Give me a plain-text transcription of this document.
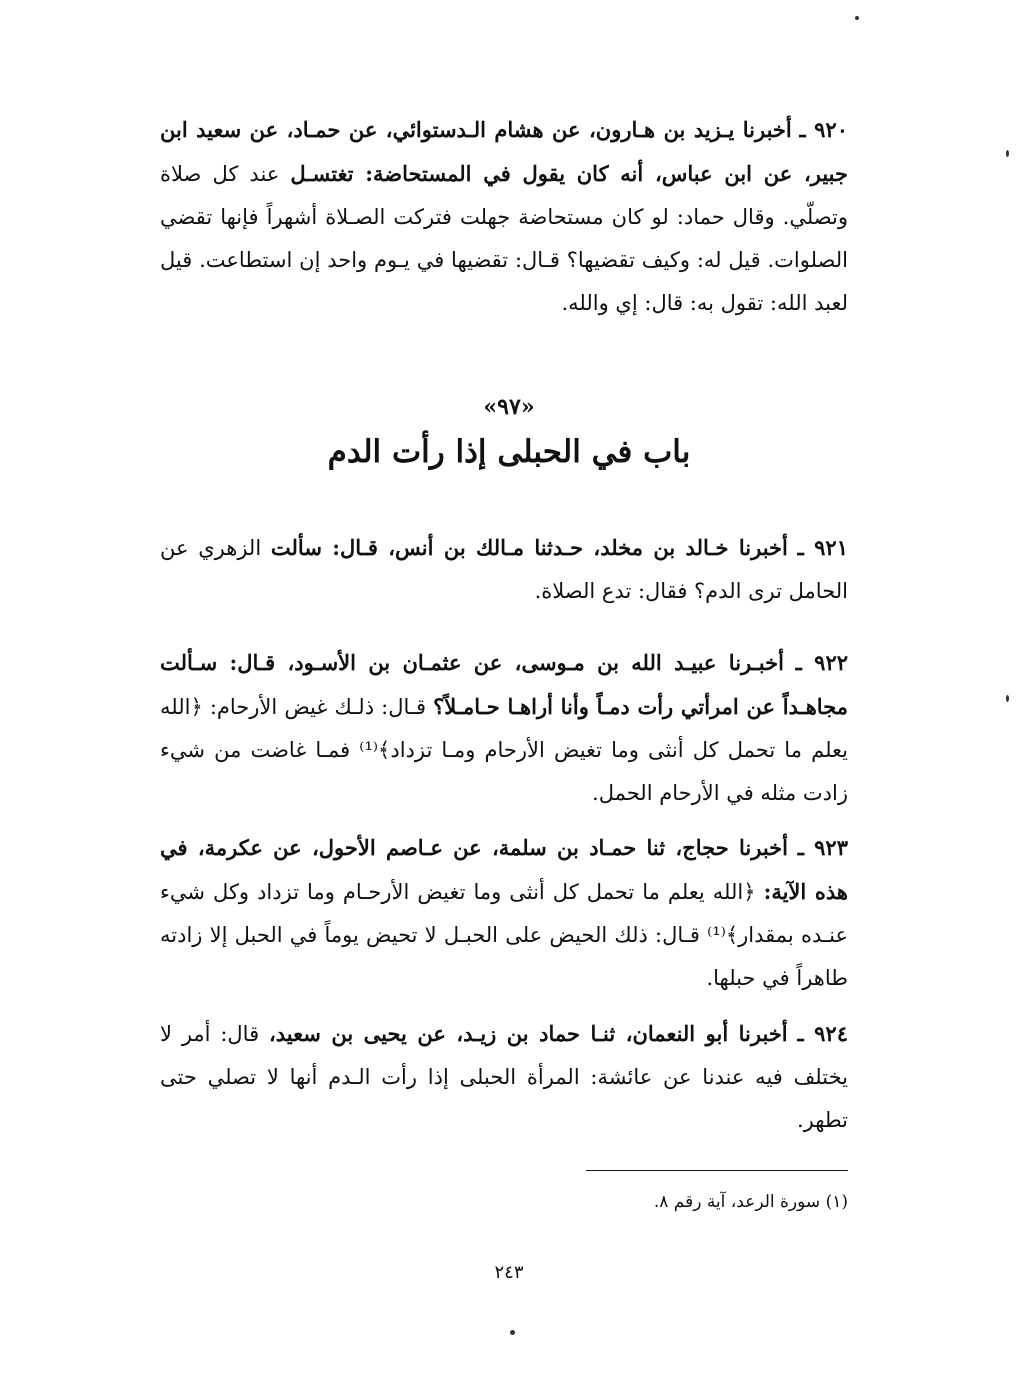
٩٢٠ ـ أخبرنا يـزيد بن هـارون، عن هشام الـدستوائي، عن حمـاد، عن سعيد ابن جبير، عن ابن عباس، أنه كان يقول في المستحاضة: تغتسـل عند كل صلاة وتصلّي. وقال حماد: لو كان مستحاضة جهلت فتركت الصـلاة أشهراً فإنها تقضي الصلوات. قيل له: وكيف تقضيها؟ قـال: تقضيها في يـوم واحد إن استطاعت. قيل لعبد الله: تقول به: قال: إي والله.

«٩٧»
باب في الحبلى إذا رأت الدم

٩٢١ ـ أخبرنا خـالد بن مخلد، حـدثنا مـالك بن أنس، قـال: سألت الزهري عن الحامل ترى الدم؟ فقال: تدع الصلاة.

٩٢٢ ـ أخبـرنا عبيـد الله بن مـوسى، عن عثمـان بن الأسـود، قـال: سـألت مجاهـداً عن امرأتي رأت دمـاً وأنا أراهـا حـامـلاً؟ قـال: ذلـك غيض الأرحام: ﴿الله يعلم ما تحمل كل أنثى وما تغيض الأرحام ومـا تزداد﴾⁽¹⁾ فمـا غاضت من شيء زادت مثله في الأرحام الحمل.

٩٢٣ ـ أخبرنا حجاج، ثنا حمـاد بن سلمة، عن عـاصم الأحول، عن عكرمة، في هذه الآية: ﴿الله يعلم ما تحمل كل أنثى وما تغيض الأرحـام وما تزداد وكل شيء عنـده بمقدار﴾⁽¹⁾ قـال: ذلك الحيض على الحبـل لا تحيض يوماً في الحبل إلا زادته طاهراً في حبلها.

٩٢٤ ـ أخبرنا أبو النعمان، ثنـا حماد بن زيـد، عن يحيى بن سعيد، قال: أمر لا يختلف فيه عندنا عن عائشة: المرأة الحبلى إذا رأت الـدم أنها لا تصلي حتى تطهر.

(١) سورة الرعد، آية رقم ٨.
٢٤٣
